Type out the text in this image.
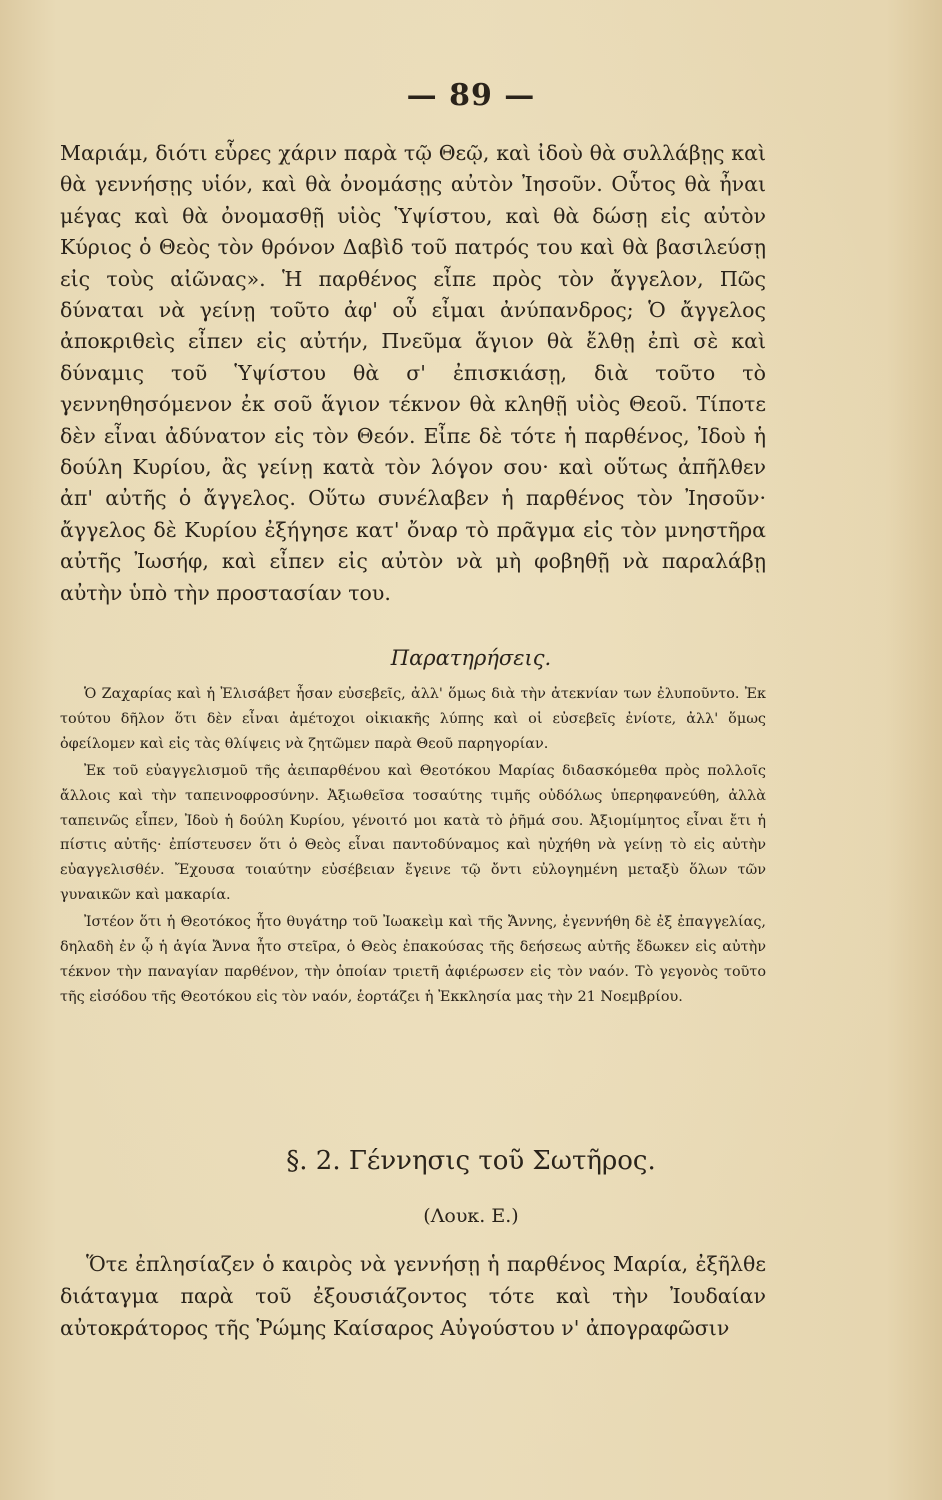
— 89 —

Μαριάμ, διότι εὗρες χάριν παρὰ τῷ Θεῷ, καὶ ἰδοὺ θὰ συλλάβῃς καὶ θὰ γεννήσῃς υἱόν, καὶ θὰ ὀνομάσῃς αὐτὸν Ἰησοῦν. Οὗτος θὰ ἦναι μέγας καὶ θὰ ὀνομασθῇ υἱὸς Ὑψίστου, καὶ θὰ δώσῃ εἰς αὐτὸν Κύριος ὁ Θεὸς τὸν θρόνον Δαβὶδ τοῦ πατρός του καὶ θὰ βασιλεύσῃ εἰς τοὺς αἰῶνας». Ἡ παρθένος εἶπε πρὸς τὸν ἄγγελον, Πῶς δύναται νὰ γείνῃ τοῦτο ἀφ' οὗ εἶμαι ἀνύπανδρος; Ὁ ἄγγελος ἀποκριθεὶς εἶπεν εἰς αὐτήν, Πνεῦμα ἅγιον θὰ ἔλθῃ ἐπὶ σὲ καὶ δύναμις τοῦ Ὑψίστου θὰ σ' ἐπισκιάσῃ, διὰ τοῦτο τὸ γεννηθησόμενον ἐκ σοῦ ἅγιον τέκνον θὰ κληθῇ υἱὸς Θεοῦ. Τίποτε δὲν εἶναι ἀδύνατον εἰς τὸν Θεόν. Εἶπε δὲ τότε ἡ παρθένος, Ἰδοὺ ἡ δούλη Κυρίου, ἂς γείνῃ κατὰ τὸν λόγον σου· καὶ οὕτως ἀπῆλθεν ἀπ' αὐτῆς ὁ ἄγγελος. Οὕτω συνέλαβεν ἡ παρθένος τὸν Ἰησοῦν· ἄγγελος δὲ Κυρίου ἐξήγησε κατ' ὄναρ τὸ πρᾶγμα εἰς τὸν μνηστῆρα αὐτῆς Ἰωσήφ, καὶ εἶπεν εἰς αὐτὸν νὰ μὴ φοβηθῇ νὰ παραλάβῃ αὐτὴν ὑπὸ τὴν προστασίαν του.

Παρατηρήσεις.

Ὁ Ζαχαρίας καὶ ἡ Ἐλισάβετ ἦσαν εὐσεβεῖς, ἀλλ' ὅμως διὰ τὴν ἀτεκνίαν των ἐλυποῦντο. Ἐκ τούτου δῆλον ὅτι δὲν εἶναι ἀμέτοχοι οἰκιακῆς λύπης καὶ οἱ εὐσεβεῖς ἐνίοτε, ἀλλ' ὅμως ὀφείλομεν καὶ εἰς τὰς θλίψεις νὰ ζητῶμεν παρὰ Θεοῦ παρηγορίαν.

Ἐκ τοῦ εὐαγγελισμοῦ τῆς ἀειπαρθένου καὶ Θεοτόκου Μαρίας διδασκόμεθα πρὸς πολλοῖς ἄλλοις καὶ τὴν ταπεινοφροσύνην. Ἀξιωθεῖσα τοσαύτης τιμῆς οὐδόλως ὑπερηφανεύθη, ἀλλὰ ταπεινῶς εἶπεν, Ἰδοὺ ἡ δούλη Κυρίου, γένοιτό μοι κατὰ τὸ ῥῆμά σου. Ἀξιομίμητος εἶναι ἔτι ἡ πίστις αὐτῆς· ἐπίστευσεν ὅτι ὁ Θεὸς εἶναι παντοδύναμος καὶ ηὐχήθη νὰ γείνῃ τὸ εἰς αὐτὴν εὐαγγελισθέν. Ἔχουσα τοιαύτην εὐσέβειαν ἔγεινε τῷ ὄντι εὐλογημένη μεταξὺ ὅλων τῶν γυναικῶν καὶ μακαρία.

Ἰστέον ὅτι ἡ Θεοτόκος ἦτο θυγάτηρ τοῦ Ἰωακεὶμ καὶ τῆς Ἄννης, ἐγεννήθη δὲ ἐξ ἐπαγγελίας, δηλαδὴ ἐν ᾧ ἡ ἁγία Ἄννα ἦτο στεῖρα, ὁ Θεὸς ἐπακούσας τῆς δεήσεως αὐτῆς ἔδωκεν εἰς αὐτὴν τέκνον τὴν παναγίαν παρθένον, τὴν ὁποίαν τριετῆ ἀφιέρωσεν εἰς τὸν ναόν. Τὸ γεγονὸς τοῦτο τῆς εἰσόδου τῆς Θεοτόκου εἰς τὸν ναόν, ἑορτάζει ἡ Ἐκκλησία μας τὴν 21 Νοεμβρίου.

§. 2. Γέννησις τοῦ Σωτῆρος.
(Λουκ. Ε.)

Ὅτε ἐπλησίαζεν ὁ καιρὸς νὰ γεννήσῃ ἡ παρθένος Μαρία, ἐξῆλθε διάταγμα παρὰ τοῦ ἐξουσιάζοντος τότε καὶ τὴν Ἰουδαίαν αὐτοκράτορος τῆς Ῥώμης Καίσαρος Αὐγούστου ν' ἀπογραφῶσιν
